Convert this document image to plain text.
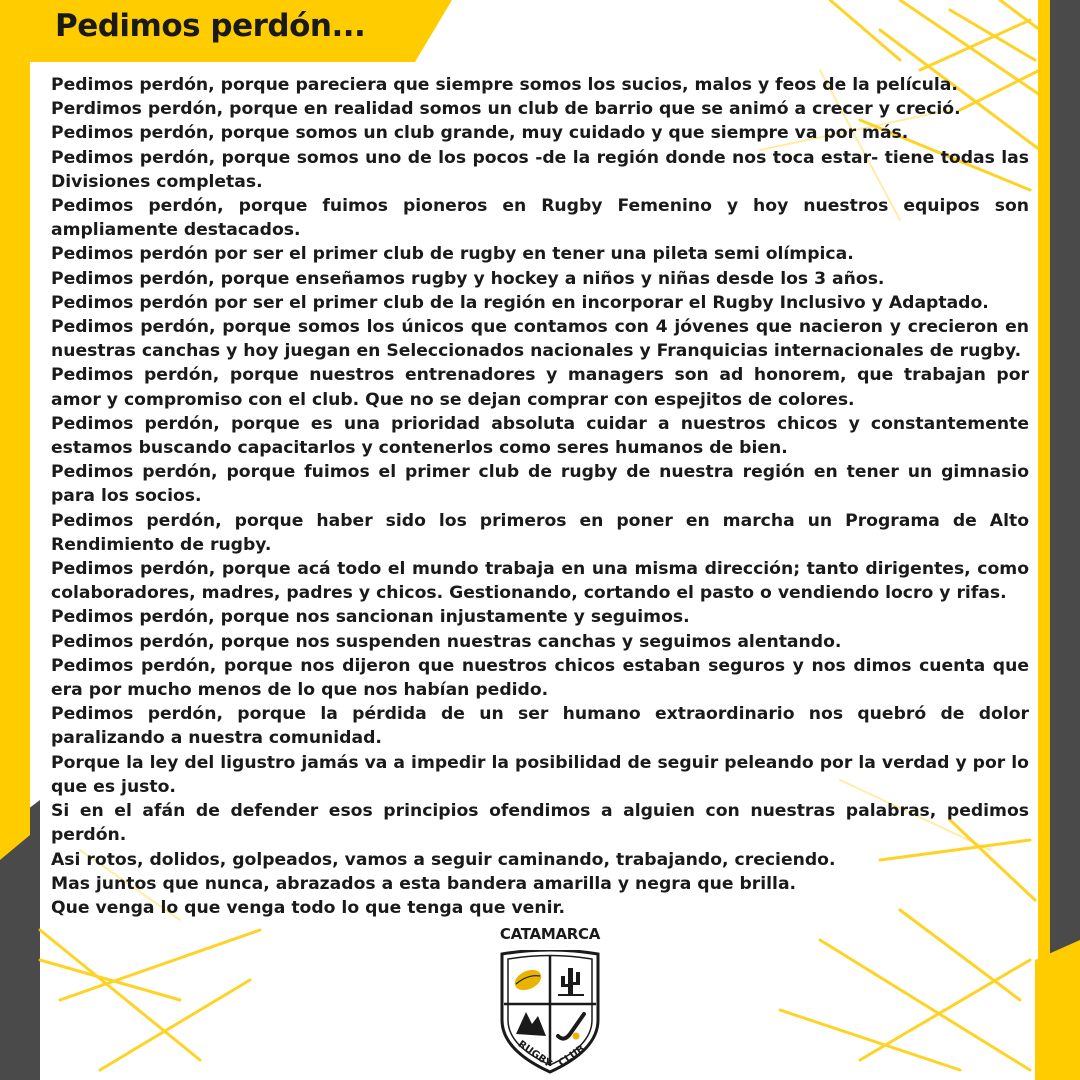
Pedimos perdón...

Pedimos perdón, porque pareciera que siempre somos los sucios, malos y feos de la película.

Perdimos perdón, porque en realidad somos un club de barrio que se animó a crecer y creció.

Pedimos perdón, porque somos un club grande, muy cuidado y que siempre va por más.

Pedimos perdón, porque somos uno de los pocos -de la región donde nos toca estar- tiene todas las Divisiones completas.

Pedimos perdón, porque fuimos pioneros en Rugby Femenino y hoy nuestros equipos son ampliamente destacados.

Pedimos perdón por ser el primer club de rugby en tener una pileta semi olímpica.

Pedimos perdón, porque enseñamos rugby y hockey a niños y niñas desde los 3 años.

Pedimos perdón por ser el primer club de la región en incorporar el Rugby Inclusivo y Adaptado.

Pedimos perdón, porque somos los únicos que contamos con 4 jóvenes que nacieron y crecieron en nuestras canchas y hoy juegan en Seleccionados nacionales y Franquicias internacionales de rugby.

Pedimos perdón, porque nuestros entrenadores y managers son ad honorem, que trabajan por amor y compromiso con el club. Que no se dejan comprar con espejitos de colores.

Pedimos perdón, porque es una prioridad absoluta cuidar a nuestros chicos y constantemente estamos buscando capacitarlos y contenerlos como seres humanos de bien.

Pedimos perdón, porque fuimos el primer club de rugby de nuestra región en tener un gimnasio para los socios.

Pedimos perdón, porque haber sido los primeros en poner en marcha un Programa de Alto Rendimiento de rugby.

Pedimos perdón, porque acá todo el mundo trabaja en una misma dirección; tanto dirigentes, como colaboradores, madres, padres y chicos. Gestionando, cortando el pasto o vendiendo locro y rifas.

Pedimos perdón, porque nos sancionan injustamente y seguimos.

Pedimos perdón, porque nos suspenden nuestras canchas y seguimos alentando.

Pedimos perdón, porque nos dijeron que nuestros chicos estaban seguros y nos dimos cuenta que era por mucho menos de lo que nos habían pedido.

Pedimos perdón, porque la pérdida de un ser humano extraordinario nos quebró de dolor paralizando a nuestra comunidad.

Porque la ley del ligustro jamás va a impedir la posibilidad de seguir peleando por la verdad y por lo que es justo.

Si en el afán de defender esos principios ofendimos a alguien con nuestras palabras, pedimos perdón.

Asi rotos, dolidos, golpeados, vamos a seguir caminando, trabajando, creciendo.

Mas juntos que nunca, abrazados a esta bandera amarilla y negra que brilla.

Que venga lo que venga todo lo que tenga que venir.

CATAMARCA
RUGBY CLUB
